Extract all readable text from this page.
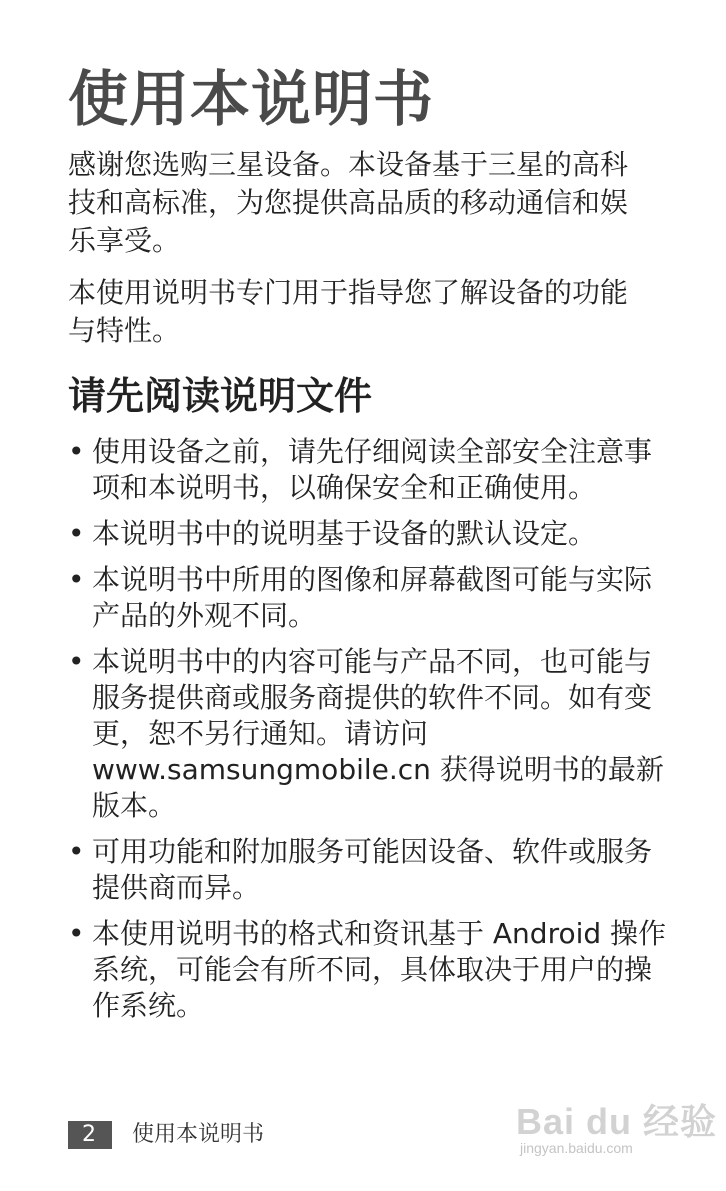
使用本说明书

感谢您选购三星设备。本设备基于三星的高科技和高标准，为您提供高品质的移动通信和娱乐享受。

本使用说明书专门用于指导您了解设备的功能与特性。

请先阅读说明文件
• 使用设备之前，请先仔细阅读全部安全注意事项和本说明书，以确保安全和正确使用。
• 本说明书中的说明基于设备的默认设定。
• 本说明书中所用的图像和屏幕截图可能与实际产品的外观不同。
• 本说明书中的内容可能与产品不同，也可能与服务提供商或服务商提供的软件不同。如有变更，恕不另行通知。请访问 www.samsungmobile.cn 获得说明书的最新版本。
• 可用功能和附加服务可能因设备、软件或服务提供商而异。
• 本使用说明书的格式和资讯基于 Android 操作系统，可能会有所不同，具体取决于用户的操作系统。
2	使用本说明书	Bai du 经验
jingyan.baidu.com
